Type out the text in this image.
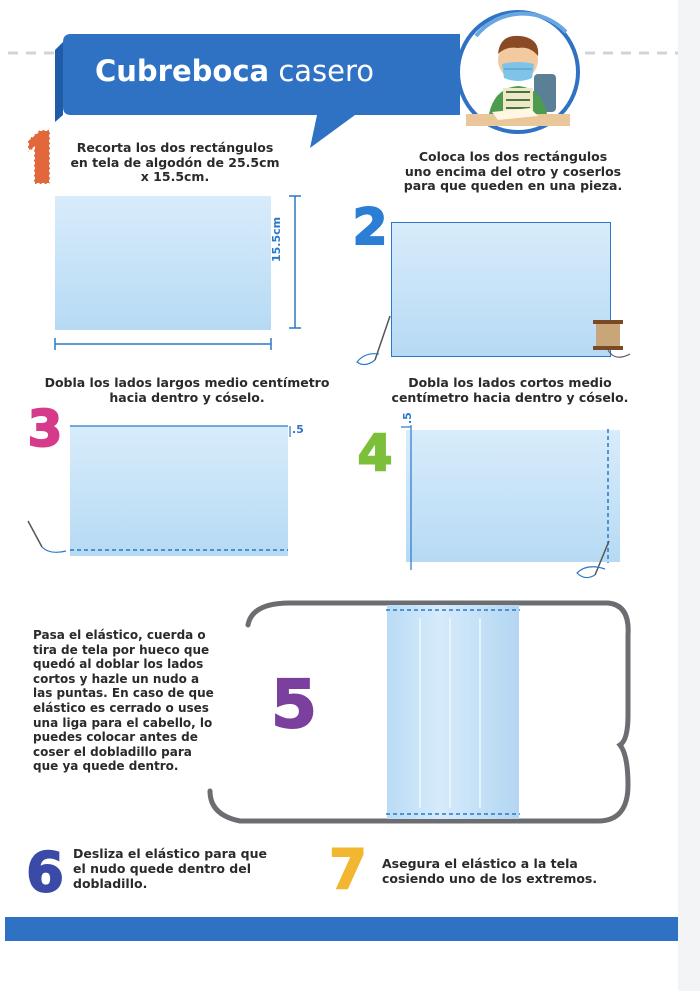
Cubreboca casero
Recorta los dos rectángulos
en tela de algodón de 25.5cm
x 15.5cm.
15.5cm
Coloca los dos rectángulos
uno encima del otro y coserlos
para que queden en una pieza.
2
Dobla los lados largos medio centímetro
hacia dentro y cóselo.
3	.5
Dobla los lados cortos medio
centímetro hacia dentro y cóselo.
4
.5
Pasa el elástico, cuerda o
tira de tela por hueco que
quedó al doblar los lados
cortos y hazle un nudo a
las puntas. En caso de que
elástico es cerrado o uses
una liga para el cabello, lo
puedes colocar antes de
coser el dobladillo para
que ya quede dentro.
5
6 Desliza el elástico para que
el nudo quede dentro del
dobladillo.	7 Asegura el elástico a la tela
cosiendo uno de los extremos.
